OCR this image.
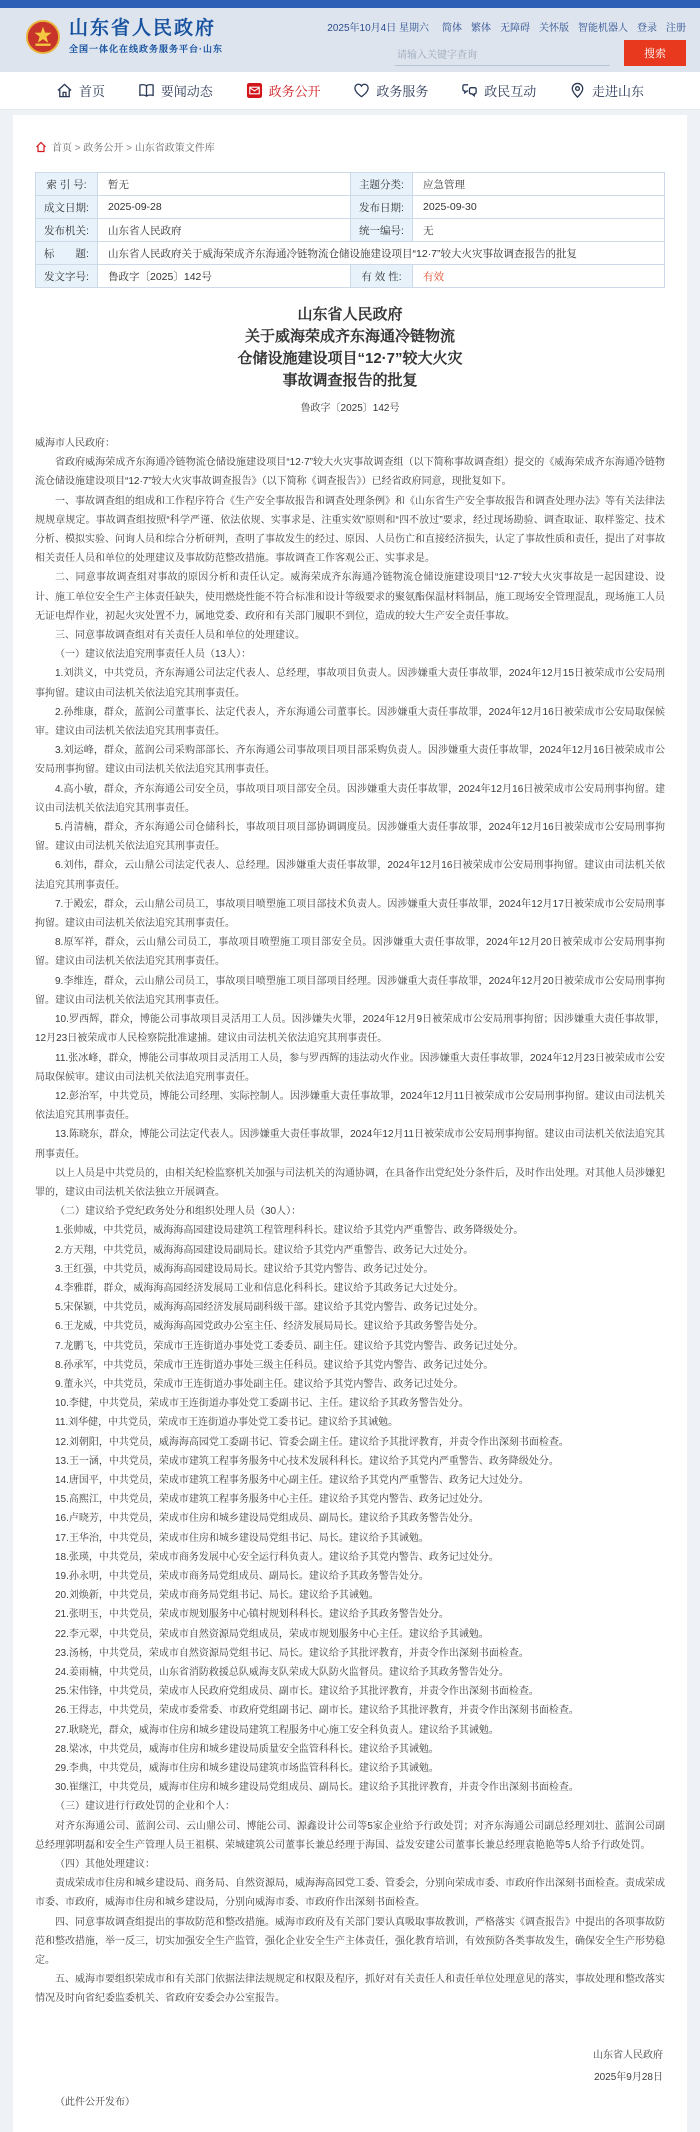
山东省人民政府
全国一体化在线政务服务平台·山东
2025年10月4日 星期六 简体 繁体 无障碍 关怀版 智能机器人 登录 注册
请输入关键字查询
搜索
首页	要闻动态	政务公开	政务服务	政民互动	走进山东
首页 > 政务公开 > 山东省政策文件库
索 引 号:	暂无	主题分类:	应急管理
成文日期:	2025-09-28	发布日期:	2025-09-30
发布机关:	山东省人民政府	统一编号:	无
标　　题:	山东省人民政府关于威海荣成齐东海通冷链物流仓储设施建设项目“12·7”较大火灾事故调查报告的批复
发文字号:	鲁政字〔2025〕142号	有 效 性:	有效
山东省人民政府
关于威海荣成齐东海通冷链物流
仓储设施建设项目“12·7”较大火灾
事故调查报告的批复
鲁政字〔2025〕142号

威海市人民政府：

省政府威海荣成齐东海通冷链物流仓储设施建设项目“12·7”较大火灾事故调查组（以下简称事故调查组）提交的《威海荣成齐东海通冷链物流仓储设施建设项目“12·7”较大火灾事故调查报告》（以下简称《调查报告》）已经省政府同意，现批复如下。

一、事故调查组的组成和工作程序符合《生产安全事故报告和调查处理条例》和《山东省生产安全事故报告和调查处理办法》等有关法律法规规章规定。事故调查组按照“科学严谨、依法依规、实事求是、注重实效”原则和“四不放过”要求，经过现场勘验、调查取证、取样鉴定、技术分析、模拟实验、问询人员和综合分析研判，查明了事故发生的经过、原因、人员伤亡和直接经济损失，认定了事故性质和责任，提出了对事故相关责任人员和单位的处理建议及事故防范整改措施。事故调查工作客观公正、实事求是。

二、同意事故调查组对事故的原因分析和责任认定。威海荣成齐东海通冷链物流仓储设施建设项目“12·7”较大火灾事故是一起因建设、设计、施工单位安全生产主体责任缺失，使用燃烧性能不符合标准和设计等级要求的聚氨酯保温材料制品，施工现场安全管理混乱，现场施工人员无证电焊作业，初起火灾处置不力，属地党委、政府和有关部门履职不到位，造成的较大生产安全责任事故。

三、同意事故调查组对有关责任人员和单位的处理建议。

（一）建议依法追究刑事责任人员（13人）：

1.刘洪义，中共党员，齐东海通公司法定代表人、总经理，事故项目负责人。因涉嫌重大责任事故罪，2024年12月15日被荣成市公安局刑事拘留。建议由司法机关依法追究其刑事责任。

2.孙维康，群众，蓝润公司董事长、法定代表人，齐东海通公司董事长。因涉嫌重大责任事故罪，2024年12月16日被荣成市公安局取保候审。建议由司法机关依法追究其刑事责任。

3.刘运峰，群众，蓝润公司采购部部长、齐东海通公司事故项目项目部采购负责人。因涉嫌重大责任事故罪，2024年12月16日被荣成市公安局刑事拘留。建议由司法机关依法追究其刑事责任。

4.高小敏，群众，齐东海通公司安全员，事故项目项目部安全员。因涉嫌重大责任事故罪，2024年12月16日被荣成市公安局刑事拘留。建议由司法机关依法追究其刑事责任。

5.肖清楠，群众，齐东海通公司仓储科长，事故项目项目部协调调度员。因涉嫌重大责任事故罪，2024年12月16日被荣成市公安局刑事拘留。建议由司法机关依法追究其刑事责任。

6.刘伟，群众，云山鼎公司法定代表人、总经理。因涉嫌重大责任事故罪，2024年12月16日被荣成市公安局刑事拘留。建议由司法机关依法追究其刑事责任。

7.于殿宏，群众，云山鼎公司员工，事故项目喷塑施工项目部技术负责人。因涉嫌重大责任事故罪，2024年12月17日被荣成市公安局刑事拘留。建议由司法机关依法追究其刑事责任。

8.原军祥，群众，云山鼎公司员工，事故项目喷塑施工项目部安全员。因涉嫌重大责任事故罪，2024年12月20日被荣成市公安局刑事拘留。建议由司法机关依法追究其刑事责任。

9.李维连，群众，云山鼎公司员工，事故项目喷塑施工项目部项目经理。因涉嫌重大责任事故罪，2024年12月20日被荣成市公安局刑事拘留。建议由司法机关依法追究其刑事责任。

10.罗西辉，群众，博能公司事故项目灵活用工人员。因涉嫌失火罪，2024年12月9日被荣成市公安局刑事拘留；因涉嫌重大责任事故罪，12月23日被荣成市人民检察院批准逮捕。建议由司法机关依法追究其刑事责任。

11.张冰峰，群众，博能公司事故项目灵活用工人员，参与罗西辉的违法动火作业。因涉嫌重大责任事故罪，2024年12月23日被荣成市公安局取保候审。建议由司法机关依法追究刑事责任。

12.彭治军，中共党员，博能公司经理、实际控制人。因涉嫌重大责任事故罪，2024年12月11日被荣成市公安局刑事拘留。建议由司法机关依法追究其刑事责任。

13.陈晓东，群众，博能公司法定代表人。因涉嫌重大责任事故罪，2024年12月11日被荣成市公安局刑事拘留。建议由司法机关依法追究其刑事责任。

以上人员是中共党员的，由相关纪检监察机关加强与司法机关的沟通协调，在具备作出党纪处分条件后，及时作出处理。对其他人员涉嫌犯罪的，建议由司法机关依法独立开展调查。

（二）建议给予党纪政务处分和组织处理人员（30人）：

1.张帅威，中共党员，威海海高园建设局建筑工程管理科科长。建议给予其党内严重警告、政务降级处分。

2.方天翔，中共党员，威海海高园建设局副局长。建议给予其党内严重警告、政务记大过处分。

3.王红强，中共党员，威海海高园建设局局长。建议给予其党内警告、政务记过处分。

4.李雅群，群众，威海海高园经济发展局工业和信息化科科长。建议给予其政务记大过处分。

5.宋保颖，中共党员，威海海高园经济发展局副科级干部。建议给予其党内警告、政务记过处分。

6.王龙威，中共党员，威海海高园党政办公室主任、经济发展局局长。建议给予其政务警告处分。

7.龙鹏飞，中共党员，荣成市王连街道办事处党工委委员、副主任。建议给予其党内警告、政务记过处分。

8.孙承军，中共党员，荣成市王连街道办事处三级主任科员。建议给予其党内警告、政务记过处分。

9.董永兴，中共党员，荣成市王连街道办事处副主任。建议给予其党内警告、政务记过处分。

10.李健，中共党员，荣成市王连街道办事处党工委副书记、主任。建议给予其政务警告处分。

11.刘华健，中共党员，荣成市王连街道办事处党工委书记。建议给予其诫勉。

12.刘朝阳，中共党员，威海海高园党工委副书记、管委会副主任。建议给予其批评教育，并责令作出深刻书面检查。

13.王一涵，中共党员，荣成市建筑工程事务服务中心技术发展科科长。建议给予其党内严重警告、政务降级处分。

14.唐国平，中共党员，荣成市建筑工程事务服务中心副主任。建议给予其党内严重警告、政务记大过处分。

15.高熙江，中共党员，荣成市建筑工程事务服务中心主任。建议给予其党内警告、政务记过处分。

16.卢晓芳，中共党员，荣成市住房和城乡建设局党组成员、副局长。建议给予其政务警告处分。

17.王华治，中共党员，荣成市住房和城乡建设局党组书记、局长。建议给予其诫勉。

18.张瑛，中共党员，荣成市商务发展中心安全运行科负责人。建议给予其党内警告、政务记过处分。

19.孙永明，中共党员，荣成市商务局党组成员、副局长。建议给予其政务警告处分。

20.刘焕新，中共党员，荣成市商务局党组书记、局长。建议给予其诫勉。

21.张明玉，中共党员，荣成市规划服务中心镇村规划科科长。建议给予其政务警告处分。

22.李元翠，中共党员，荣成市自然资源局党组成员，荣成市规划服务中心主任。建议给予其诫勉。

23.汤杨，中共党员，荣成市自然资源局党组书记、局长。建议给予其批评教育，并责令作出深刻书面检查。

24.姜雨楠，中共党员，山东省消防救援总队威海支队荣成大队防火监督员。建议给予其政务警告处分。

25.宋伟锋，中共党员，荣成市人民政府党组成员、副市长。建议给予其批评教育，并责令作出深刻书面检查。

26.王得志，中共党员，荣成市委常委、市政府党组副书记、副市长。建议给予其批评教育，并责令作出深刻书面检查。

27.耿晓光，群众，威海市住房和城乡建设局建筑工程服务中心施工安全科负责人。建议给予其诫勉。

28.梁冰，中共党员，威海市住房和城乡建设局质量安全监管科科长。建议给予其诫勉。

29.李典，中共党员，威海市住房和城乡建设局建筑市场监管科科长。建议给予其诫勉。

30.崔继江，中共党员，威海市住房和城乡建设局党组成员、副局长。建议给予其批评教育，并责令作出深刻书面检查。

（三）建议进行行政处罚的企业和个人：

对齐东海通公司、蓝润公司、云山鼎公司、博能公司、源鑫设计公司等5家企业给予行政处罚；对齐东海通公司副总经理刘壮、蓝润公司副总经理郭明磊和安全生产管理人员王祖棋、荣城建筑公司董事长兼总经理于海国、益发安建公司董事长兼总经理袁艳艳等5人给予行政处罚。

（四）其他处理建议：

责成荣成市住房和城乡建设局、商务局、自然资源局，威海海高园党工委、管委会，分别向荣成市委、市政府作出深刻书面检查。责成荣成市委、市政府，威海市住房和城乡建设局，分别向威海市委、市政府作出深刻书面检查。

四、同意事故调查组提出的事故防范和整改措施。威海市政府及有关部门要认真吸取事故教训，严格落实《调查报告》中提出的各项事故防范和整改措施，举一反三，切实加强安全生产监管，强化企业安全生产主体责任，强化教育培训，有效预防各类事故发生，确保安全生产形势稳定。

五、威海市要组织荣成市和有关部门依据法律法规规定和权限及程序，抓好对有关责任人和责任单位处理意见的落实，事故处理和整改落实情况及时向省纪委监委机关、省政府安委会办公室报告。

山东省人民政府
2025年9月28日
（此件公开发布）
